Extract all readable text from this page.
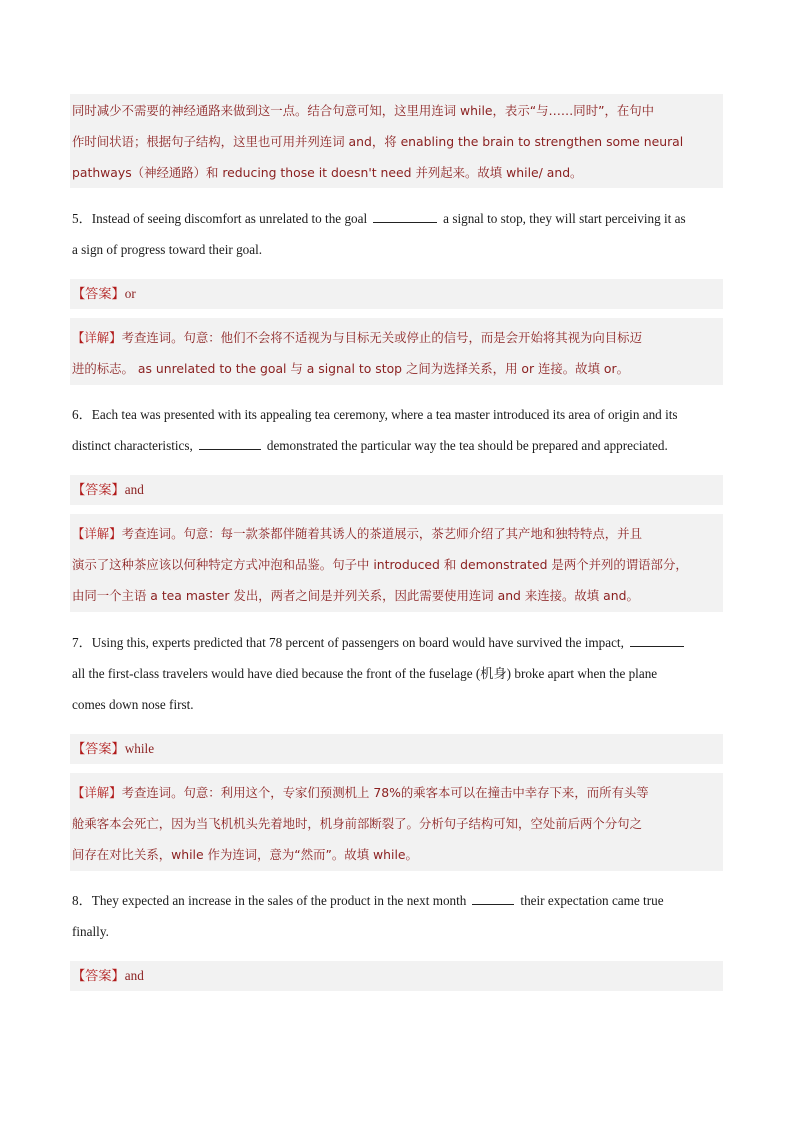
同时减少不需要的神经通路来做到这一点。结合句意可知，这里用连词 while，表示“与……同时”，在句中
作时间状语；根据句子结构，这里也可用并列连词 and，将 enabling the brain to strengthen some neural
pathways（神经通路）和 reducing those it doesn't need 并列起来。故填 while/ and。
5．Instead of seeing discomfort as unrelated to the goal	a signal to stop, they will start perceiving it as
a sign of progress toward their goal.
【答案】or
【详解】考查连词。句意：他们不会将不适视为与目标无关或停止的信号，而是会开始将其视为向目标迈
进的标志。 as unrelated to the goal 与 a signal to stop 之间为选择关系，用 or 连接。故填 or。
6．Each tea was presented with its appealing tea ceremony, where a tea master introduced its area of origin and its
distinct characteristics,	demonstrated the particular way the tea should be prepared and appreciated.
【答案】and
【详解】考查连词。句意：每一款茶都伴随着其诱人的茶道展示，茶艺师介绍了其产地和独特特点，并且
演示了这种茶应该以何种特定方式冲泡和品鉴。句子中 introduced 和 demonstrated 是两个并列的谓语部分，
由同一个主语 a tea master 发出，两者之间是并列关系，因此需要使用连词 and 来连接。故填 and。
7．Using this, experts predicted that 78 percent of passengers on board would have survived the impact,
all the first-class travelers would have died because the front of the fuselage (机身) broke apart when the plane
comes down nose first.
【答案】while
【详解】考查连词。句意：利用这个，专家们预测机上 78%的乘客本可以在撞击中幸存下来，而所有头等
舱乘客本会死亡，因为当飞机机头先着地时，机身前部断裂了。分析句子结构可知，空处前后两个分句之
间存在对比关系，while 作为连词，意为“然而”。故填 while。
8．They expected an increase in the sales of the product in the next month	their expectation came true
finally.
【答案】and
